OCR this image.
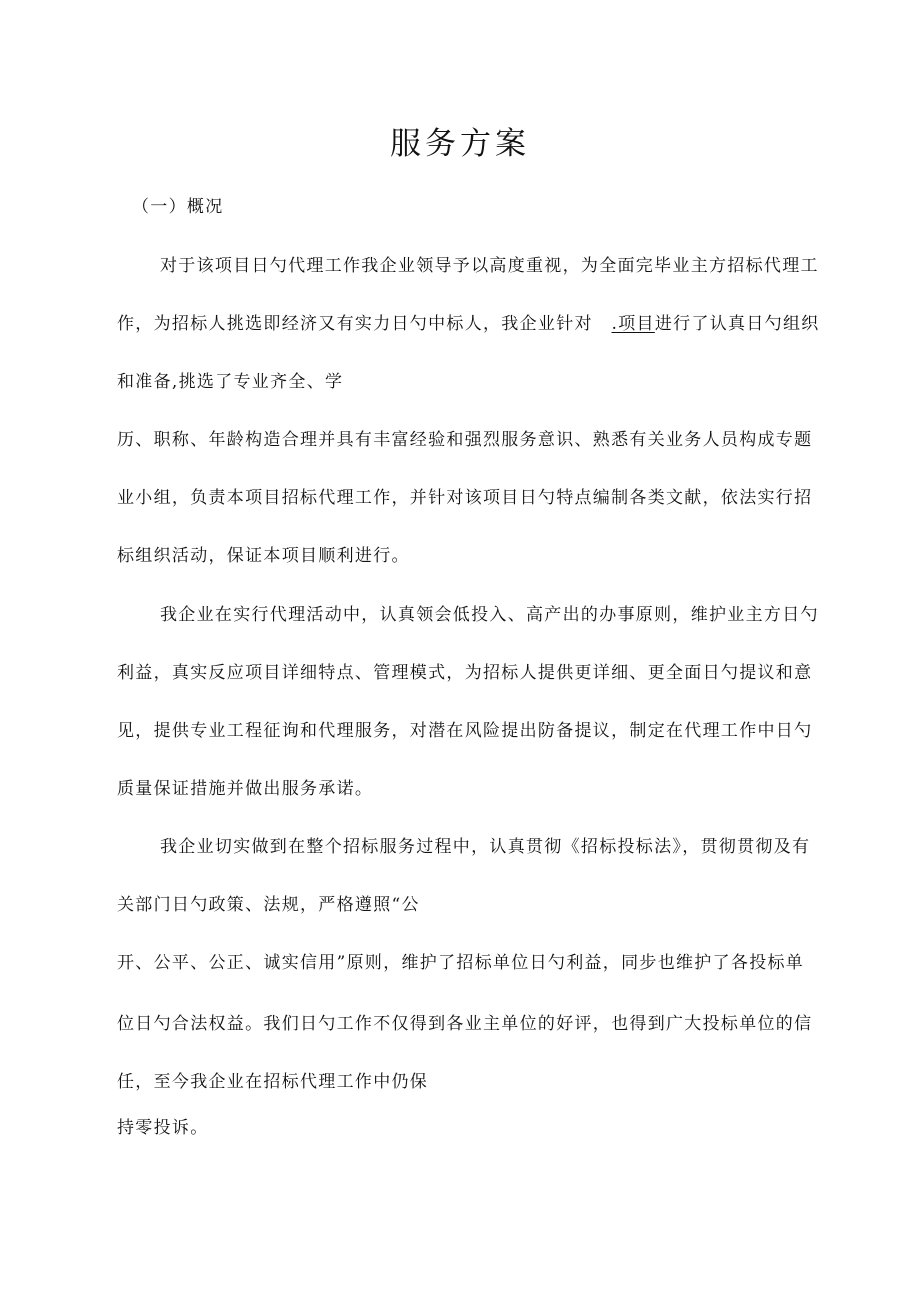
服务方案
（一）概况
对于该项目日勺代理工作我企业领导予以高度重视，为全面完毕业主方招标代理工
作，为招标人挑选即经济又有实力日勺中标人，我企业针对 .项目进行了认真日勺组织
和准备,挑选了专业齐全、学
历、职称、年龄构造合理并具有丰富经验和强烈服务意识、熟悉有关业务人员构成专题
业小组，负责本项目招标代理工作，并针对该项目日勺特点编制各类文献，依法实行招
标组织活动，保证本项目顺利进行。
我企业在实行代理活动中，认真领会低投入、高产出的办事原则，维护业主方日勺
利益，真实反应项目详细特点、管理模式，为招标人提供更详细、更全面日勺提议和意
见，提供专业工程征询和代理服务，对潜在风险提出防备提议，制定在代理工作中日勺
质量保证措施并做出服务承诺。
我企业切实做到在整个招标服务过程中，认真贯彻《招标投标法》，贯彻贯彻及有
关部门日勺政策、法规，严格遵照“公
开、公平、公正、诚实信用”原则，维护了招标单位日勺利益，同步也维护了各投标单
位日勺合法权益。我们日勺工作不仅得到各业主单位的好评，也得到广大投标单位的信
任，至今我企业在招标代理工作中仍保
持零投诉。
